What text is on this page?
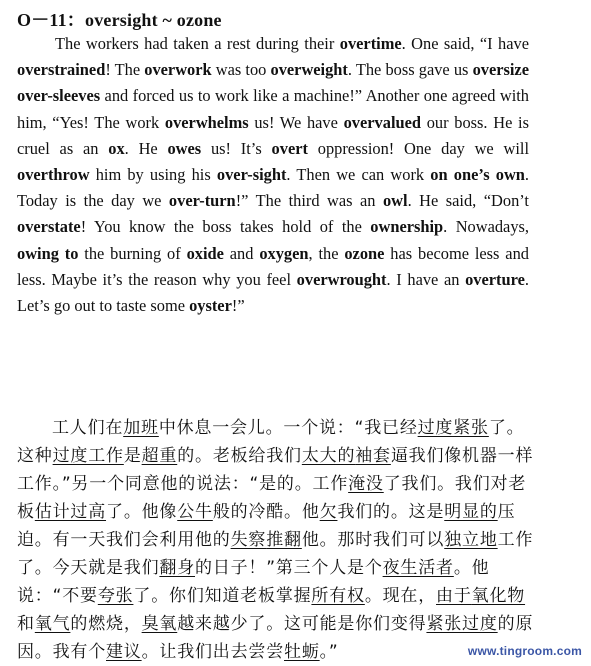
O－11：oversight ~ ozone
The workers had taken a rest during their overtime. One said, “I have overstrained! The overwork was too overweight. The boss gave us oversize over-sleeves and forced us to work like a machine!” Another one agreed with him, “Yes! The work overwhelms us! We have overvalued our boss. He is cruel as an ox. He owes us! It’s overt oppression! One day we will overthrow him by using his over-sight. Then we can work on one’s own. Today is the day we over-turn!” The third was an owl. He said, “Don’t overstate! You know the boss takes hold of the ownership. Nowadays, owing to the burning of oxide and oxygen, the ozone has become less and less. Maybe it’s the reason why you feel overwrought. I have an overture. Let’s go out to taste some oyster!”
工人们在加班中休息一会儿。一个说：“我已经过度紧张了。这种过度工作是超重的。老板给我们太大的袖套逼我们像机器一样工作。”另一个同意他的说法：“是的。工作淹没了我们。我们对老板估计过高了。他像公牛般的冷酷。他欠我们的。这是明显的压迫。有一天我们会利用他的失察推翻他。那时我们可以独立地工作了。今天就是我们翻身的日子！”第三个人是个夜生活者。他说：“不要夸张了。你们知道老板掌握所有权。现在，由于氧化物和氧气的燃烧，臭氧越来越少了。这可能是你们变得紧张过度的原因。我有个建议。让我们出去尝尝牡蛎。”	www.tingroom.com
